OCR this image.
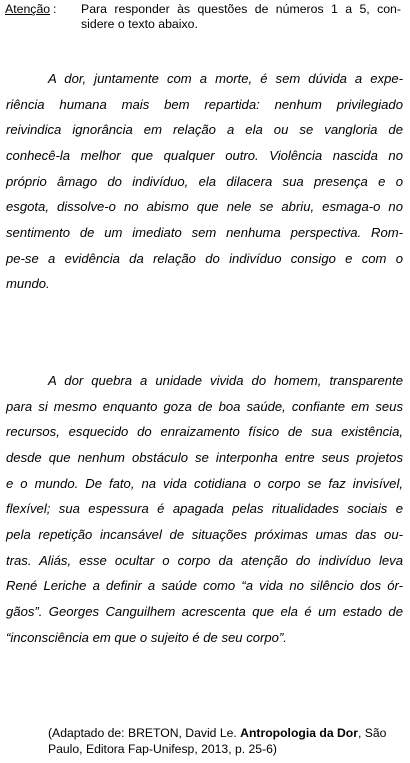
Atenção : Para responder às questões de números 1 a 5, con-
sidere o texto abaixo.

A dor, juntamente com a morte, é sem dúvida a expe-
riência humana mais bem repartida: nenhum privilegiado
reivindica ignorância em relação a ela ou se vangloria de
conhecê-la melhor que qualquer outro. Violência nascida no
próprio âmago do indivíduo, ela dilacera sua presença e o
esgota, dissolve-o no abismo que nele se abriu, esmaga-o no
sentimento de um imediato sem nenhuma perspectiva. Rom-
pe-se a evidência da relação do indivíduo consigo e com o
mundo.

A dor quebra a unidade vivida do homem, transparente
para si mesmo enquanto goza de boa saúde, confiante em seus
recursos, esquecido do enraizamento físico de sua existência,
desde que nenhum obstáculo se interponha entre seus projetos
e o mundo. De fato, na vida cotidiana o corpo se faz invisível,
flexível; sua espessura é apagada pelas ritualidades sociais e
pela repetição incansável de situações próximas umas das ou-
tras. Aliás, esse ocultar o corpo da atenção do indivíduo leva
René Leriche a definir a saúde como “a vida no silêncio dos ór-
gãos”. Georges Canguilhem acrescenta que ela é um estado de
“inconsciência em que o sujeito é de seu corpo”.

(Adaptado de: BRETON, David Le. Antropologia da Dor, São
Paulo, Editora Fap-Unifesp, 2013, p. 25-6)
